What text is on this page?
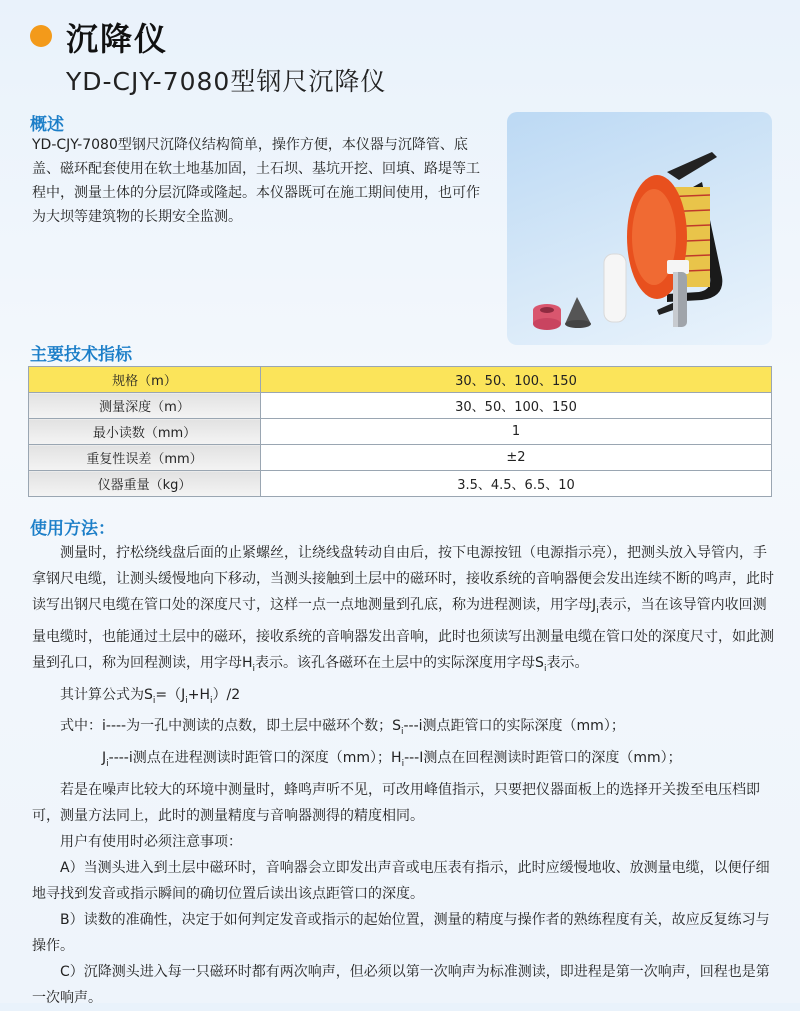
沉降仪
YD-CJY-7080型钢尺沉降仪
概述
YD-CJY-7080型钢尺沉降仪结构简单，操作方便，本仪器与沉降管、底盖、磁环配套使用在软土地基加固，土石坝、基坑开挖、回填、路堤等工程中，测量土体的分层沉降或隆起。本仪器既可在施工期间使用，也可作为大坝等建筑物的长期安全监测。
主要技术指标
规格（m）	30、50、100、150
测量深度（m）	30、50、100、150
最小读数（mm）	1
重复性误差（mm）	±2
仪器重量（kg）	3.5、4.5、6.5、10
使用方法：

测量时，拧松绕线盘后面的止紧螺丝，让绕线盘转动自由后，按下电源按钮（电源指示亮），把测头放入导管内，手拿钢尺电缆，让测头缓慢地向下移动，当测头接触到土层中的磁环时，接收系统的音响器便会发出连续不断的鸣声，此时读写出钢尺电缆在管口处的深度尺寸，这样一点一点地测量到孔底，称为进程测读，用字母$J_i$表示，当在该导管内收回测量电缆时，也能通过土层中的磁环，接收系统的音响器发出音响，此时也须读写出测量电缆在管口处的深度尺寸，如此测量到孔口，称为回程测读，用字母$H_i$表示。该孔各磁环在土层中的实际深度用字母$S_i$表示。

其计算公式为$S_i=(J_i+H_i)/2$

式中：i----为一孔中测读的点数，即土层中磁环个数；$S_i---i$测点距管口的实际深度（mm）；

$J_i----i$测点在进程测读时距管口的深度（mm）；$H_i---I$测点在回程测读时距管口的深度（mm）；

若是在噪声比较大的环境中测量时，蜂鸣声听不见，可改用峰值指示，只要把仪器面板上的选择开关拨至电压档即可，测量方法同上，此时的测量精度与音响器测得的精度相同。

用户有使用时必须注意事项：

A）当测头进入到土层中磁环时，音响器会立即发出声音或电压表有指示，此时应缓慢地收、放测量电缆，以便仔细地寻找到发音或指示瞬间的确切位置后读出该点距管口的深度。

B）读数的准确性，决定于如何判定发音或指示的起始位置，测量的精度与操作者的熟练程度有关，故应反复练习与操作。

C）沉降测头进入每一只磁环时都有两次响声，但必须以第一次响声为标准测读，即进程是第一次响声，回程也是第一次响声。
